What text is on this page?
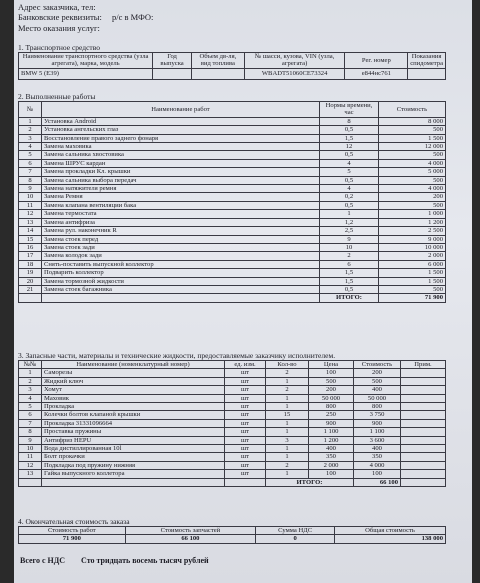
Адрес заказчика, тел:
Банковские реквизиты: р/с в МФО:
Место оказания услуг:
1. Транспортное средство
Наименование транспортного средства (узла агрегата), марка, модель	Год выпуска	Объем дв-ля, вид топлива	№ шасси, кузова, VIN (узла, агрегата)	Рег. номер	Показания спидометра
BMW 5 (E39)			WBADT51060CE73324	е844нс761	
2. Выполненные работы
№	Наименование работ	Нормы времени, час	Стоимость
1	Установка Android	8	8 000
2	Установка ангельских глаз	0,5	500
3	Восстановление правого заднего фонаря	1,5	1 500
4	Замена маховика	12	12 000
5	Замена сальника хвостовика	0,5	500
6	Замена ШРУС кардан	4	4 000
7	Замена прокладки Кл. крышки	5	5 000
8	Замена сальника выбора передач	0,5	500
9	Замена натяжителя ремня	4	4 000
10	Замена Ремня	0,2	200
11	Замена клапана вентиляции бака	0,5	500
12	Замена термостата	1	1 000
13	Замена антифриза	1,2	1 200
14	Замена рул. наконечник R	2,5	2 500
15	Замена стоек перед	9	9 000
16	Замена стоек зади	10	10 000
17	Замена колодок зади	2	2 000
18	Снять-поставить выпускной коллектор	6	6 000
19	Подварить коллектор	1,5	1 500
20	Замена тормозной жидкости	1,5	1 500
21	Замена стоек багажника	0,5	500
		ИТОГО:	71 900
3. Запасные части, материалы и технические жидкости, предоставляемые заказчику исполнителем.
№№	Наименование (номенклатурный номер)	ед. изм.	Кол-во	Цена	Стоимость	Прим.
1	Саморезы	шт	2	100	200	
2	Жидкий ключ	шт	1	500	500	
3	Хомут	шт	2	200	400	
4	Маховик	шт	1	50 000	50 000	
5	Прокладка	шт	1	800	800	
6	Колечки болтов клапаной крышки	шт	15	250	3 750	
7	Прокладка 31331096664	шт	1	900	900	
8	Проставка пружины	шт	1	1 100	1 100	
9	Антифриз HEPU	шт	3	1 200	3 600	
10	Вода дистиллированная 10l	шт	1	400	400	
11	Болт прокачки	шт	1	350	350	
12	Подкладка под пружину нижняя	шт	2	2 000	4 000	
13	Гайка выпускного коллетора	шт	1	100	100	
			ИТОГО:		66 100	
4. Окончательная стоимость заказа
Стоимость работ	Стоимость запчастей	Сумма НДС	Общая стоимость
71 900	66 100	0	138 000
Всего с НДС Сто тридцать восемь тысяч рублей
